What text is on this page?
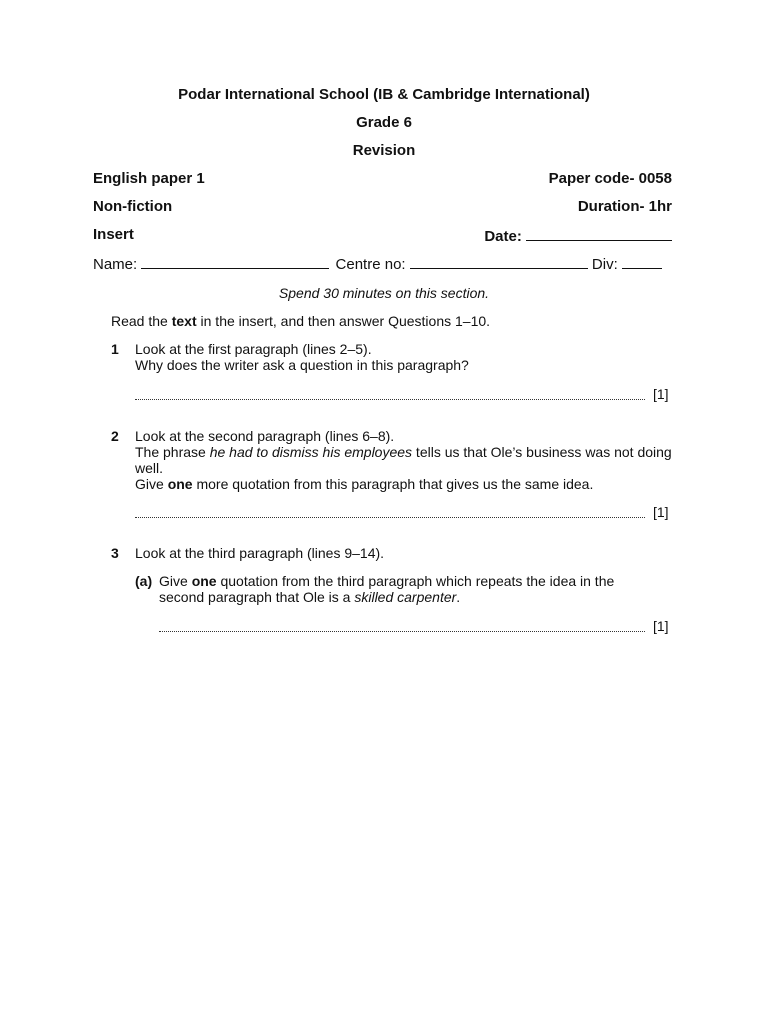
Podar International School (IB & Cambridge International)
Grade 6
Revision
English paper 1	Paper code- 0058
Non-fiction	Duration- 1hr
Insert	Date:
Name:	Centre no:	Div:
Spend 30 minutes on this section.
Read the text in the insert, and then answer Questions 1–10.
1 Look at the first paragraph (lines 2–5).
Why does the writer ask a question in this paragraph?
[1]
2 Look at the second paragraph (lines 6–8).
The phrase he had to dismiss his employees tells us that Ole’s business was not doing well.
Give one more quotation from this paragraph that gives us the same idea.
[1]
3 Look at the third paragraph (lines 9–14).
(a) Give one quotation from the third paragraph which repeats the idea in the second paragraph that Ole is a skilled carpenter.
[1]
